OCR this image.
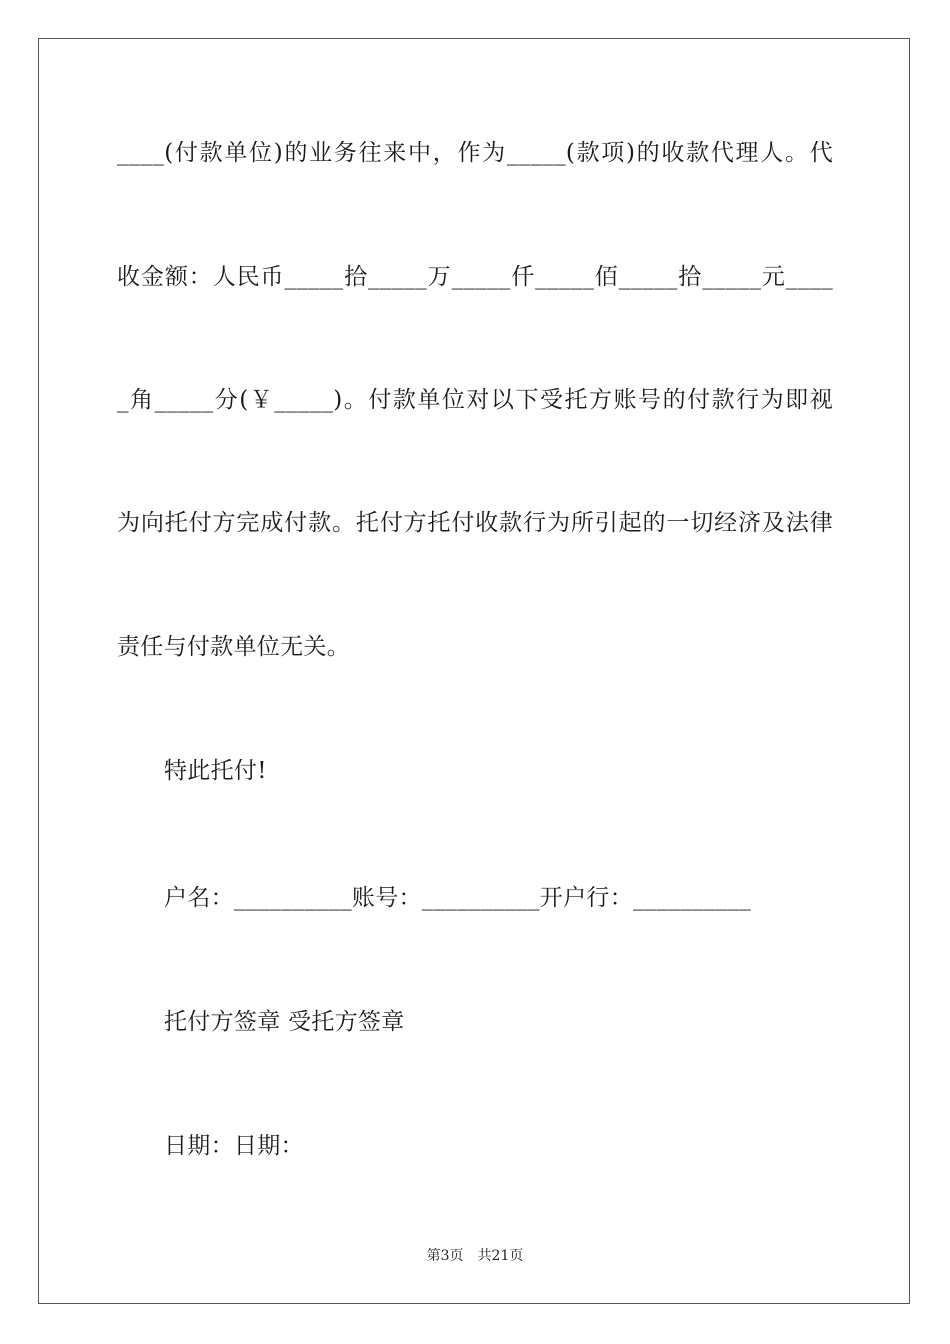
____(付款单位)的业务往来中，作为_____(款项)的收款代理人。代
收金额：人民币_____拾_____万_____仟_____佰_____拾_____元____
_角_____分(￥_____)。付款单位对以下受托方账号的付款行为即视
为向托付方完成付款。托付方托付收款行为所引起的一切经济及法律
责任与付款单位无关。
特此托付!
户名：__________账号：__________开户行：__________
托付方签章 受托方签章
日期：日期：
第3页　共21页
